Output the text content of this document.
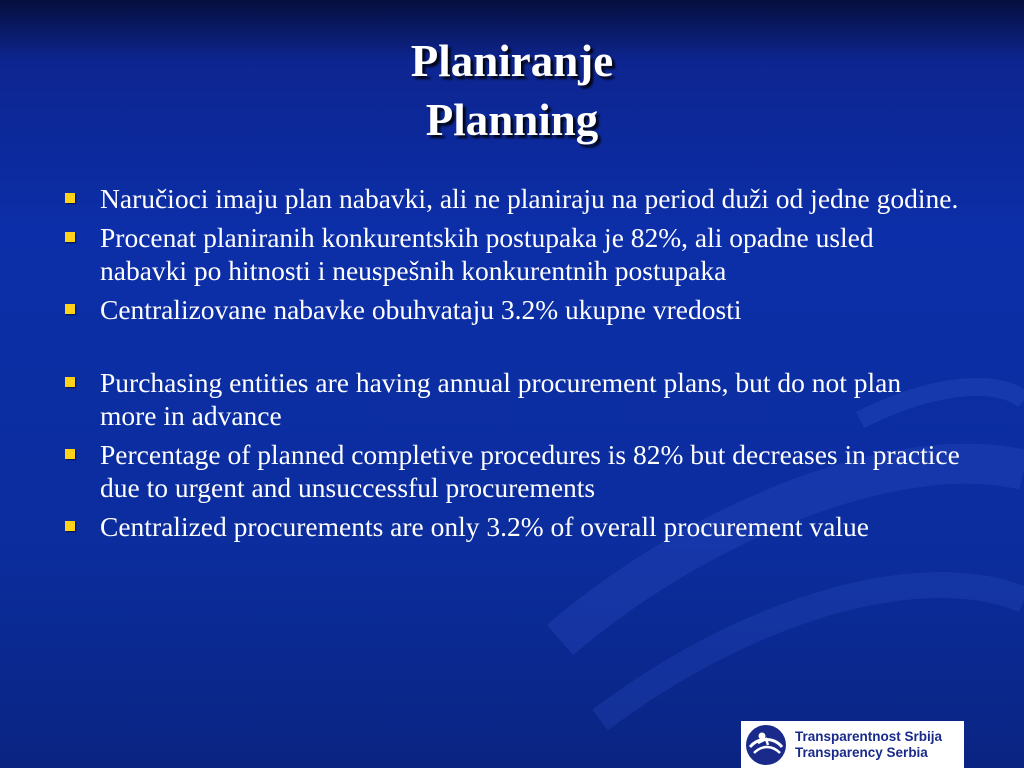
Planiranje
Planning
Naručioci imaju plan nabavki, ali ne planiraju na period duži od jedne godine.
Procenat planiranih konkurentskih postupaka je 82%, ali opadne usled nabavki po hitnosti i neuspešnih konkurentnih postupaka
Centralizovane nabavke obuhvataju 3.2% ukupne vredosti
Purchasing entities are having annual procurement plans, but do not plan more in advance
Percentage of planned completive procedures is 82% but decreases in practice due to urgent and unsuccessful procurements
Centralized procurements are only 3.2% of overall procurement value
Transparentnost Srbija
Transparency Serbia
